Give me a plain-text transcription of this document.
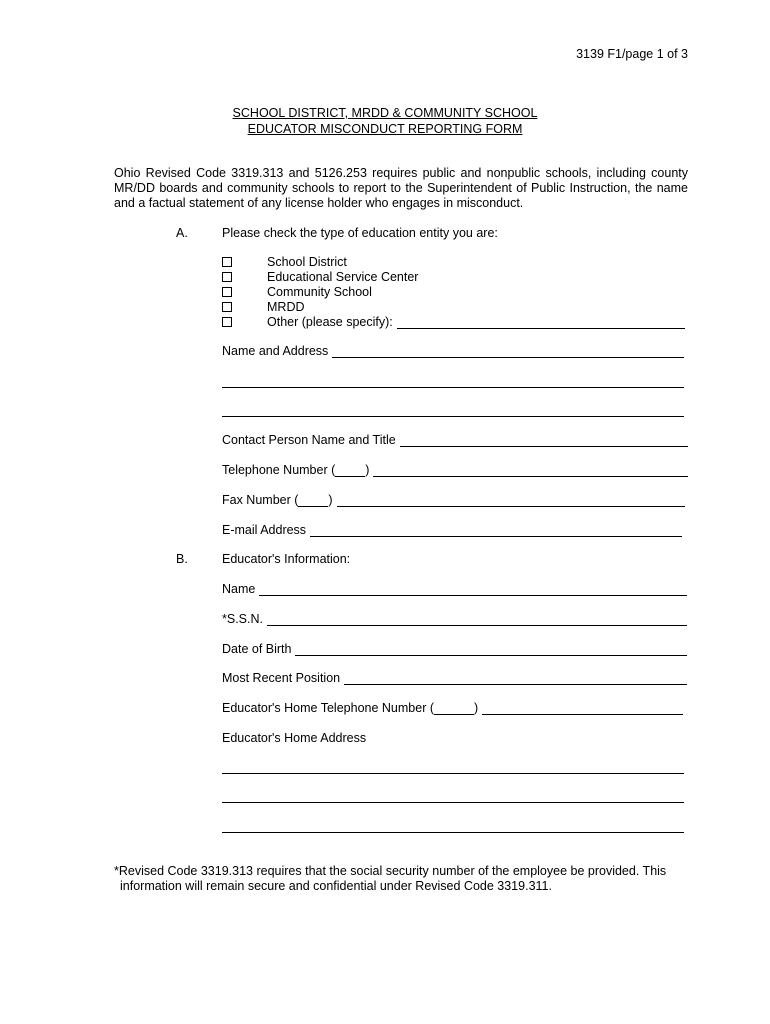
3139 F1/page 1 of 3
SCHOOL DISTRICT, MRDD & COMMUNITY SCHOOL
EDUCATOR MISCONDUCT REPORTING FORM
Ohio Revised Code 3319.313 and 5126.253 requires public and nonpublic schools, including county MR/DD boards and community schools to report to the Superintendent of Public Instruction, the name and a factual statement of any license holder who engages in misconduct.
A.	Please check the type of education entity you are:
School District
Educational Service Center
Community School
MRDD
Other (please specify):
Name and Address
Contact Person Name and Title
Telephone Number ( )
Fax Number ( )
E-mail Address
B.	Educator's Information:
Name
*S.S.N.
Date of Birth
Most Recent Position
Educator's Home Telephone Number (	)
Educator's Home Address
*Revised Code 3319.313 requires that the social security number of the employee be provided. This
information will remain secure and confidential under Revised Code 3319.311.
